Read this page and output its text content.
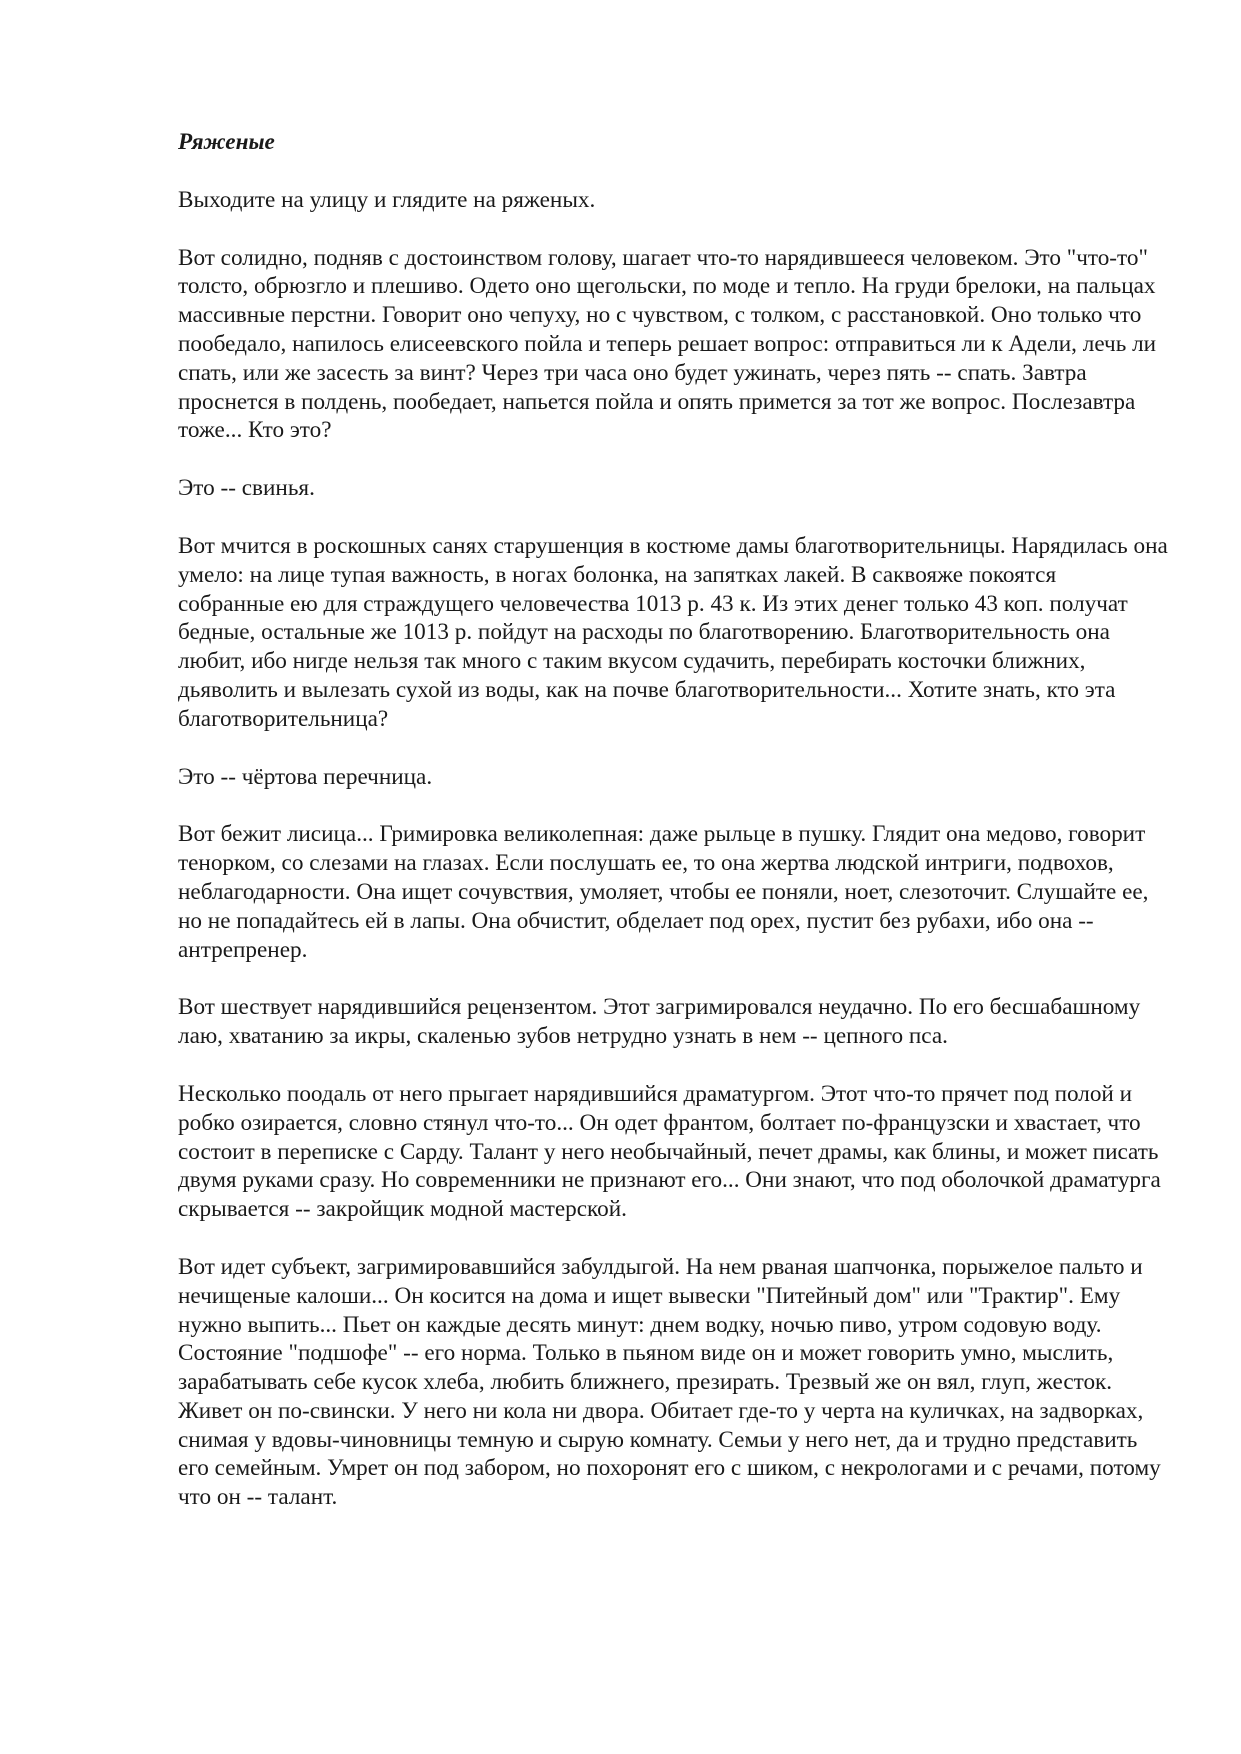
Ряженые
Выходите на улицу и глядите на ряженых.
Вот солидно, подняв с достоинством голову, шагает что-то нарядившееся человеком. Это "что-то" толсто, обрюзгло и плешиво. Одето оно щегольски, по моде и тепло. На груди брелоки, на пальцах массивные перстни. Говорит оно чепуху, но с чувством, с толком, с расстановкой. Оно только что пообедало, напилось елисеевского пойла и теперь решает вопрос: отправиться ли к Адели, лечь ли спать, или же засесть за винт? Через три часа оно будет ужинать, через пять -- спать. Завтра проснется в полдень, пообедает, напьется пойла и опять примется за тот же вопрос. Послезавтра тоже... Кто это?
Это -- свинья.
Вот мчится в роскошных санях старушенция в костюме дамы благотворительницы. Нарядилась она умело: на лице тупая важность, в ногах болонка, на запятках лакей. В саквояже покоятся собранные ею для страждущего человечества 1013 р. 43 к. Из этих денег только 43 коп. получат бедные, остальные же 1013 р. пойдут на расходы по благотворению. Благотворительность она любит, ибо нигде нельзя так много с таким вкусом судачить, перебирать косточки ближних, дьяволить и вылезать сухой из воды, как на почве благотворительности... Хотите знать, кто эта благотворительница?
Это -- чёртова перечница.
Вот бежит лисица... Гримировка великолепная: даже рыльце в пушку. Глядит она медово, говорит тенорком, со слезами на глазах. Если послушать ее, то она жертва людской интриги, подвохов, неблагодарности. Она ищет сочувствия, умоляет, чтобы ее поняли, ноет, слезоточит. Слушайте ее, но не попадайтесь ей в лапы. Она обчистит, обделает под орех, пустит без рубахи, ибо она -- антрепренер.
Вот шествует нарядившийся рецензентом. Этот загримировался неудачно. По его бесшабашному лаю, хватанию за икры, скаленью зубов нетрудно узнать в нем -- цепного пса.
Несколько поодаль от него прыгает нарядившийся драматургом. Этот что-то прячет под полой и робко озирается, словно стянул что-то... Он одет франтом, болтает по-французски и хвастает, что состоит в переписке с Сарду. Талант у него необычайный, печет драмы, как блины, и может писать двумя руками сразу. Но современники не признают его... Они знают, что под оболочкой драматурга скрывается -- закройщик модной мастерской.
Вот идет субъект, загримировавшийся забулдыгой. На нем рваная шапчонка, порыжелое пальто и нечищеные калоши... Он косится на дома и ищет вывески "Питейный дом" или "Трактир". Ему нужно выпить... Пьет он каждые десять минут: днем водку, ночью пиво, утром содовую воду. Состояние "подшофе" -- его норма. Только в пьяном виде он и может говорить умно, мыслить, зарабатывать себе кусок хлеба, любить ближнего, презирать. Трезвый же он вял, глуп, жесток. Живет он по-свински. У него ни кола ни двора. Обитает где-то у черта на куличках, на задворках, снимая у вдовы-чиновницы темную и сырую комнату. Семьи у него нет, да и трудно представить его семейным. Умрет он под забором, но похоронят его с шиком, с некрологами и с речами, потому что он -- талант.
